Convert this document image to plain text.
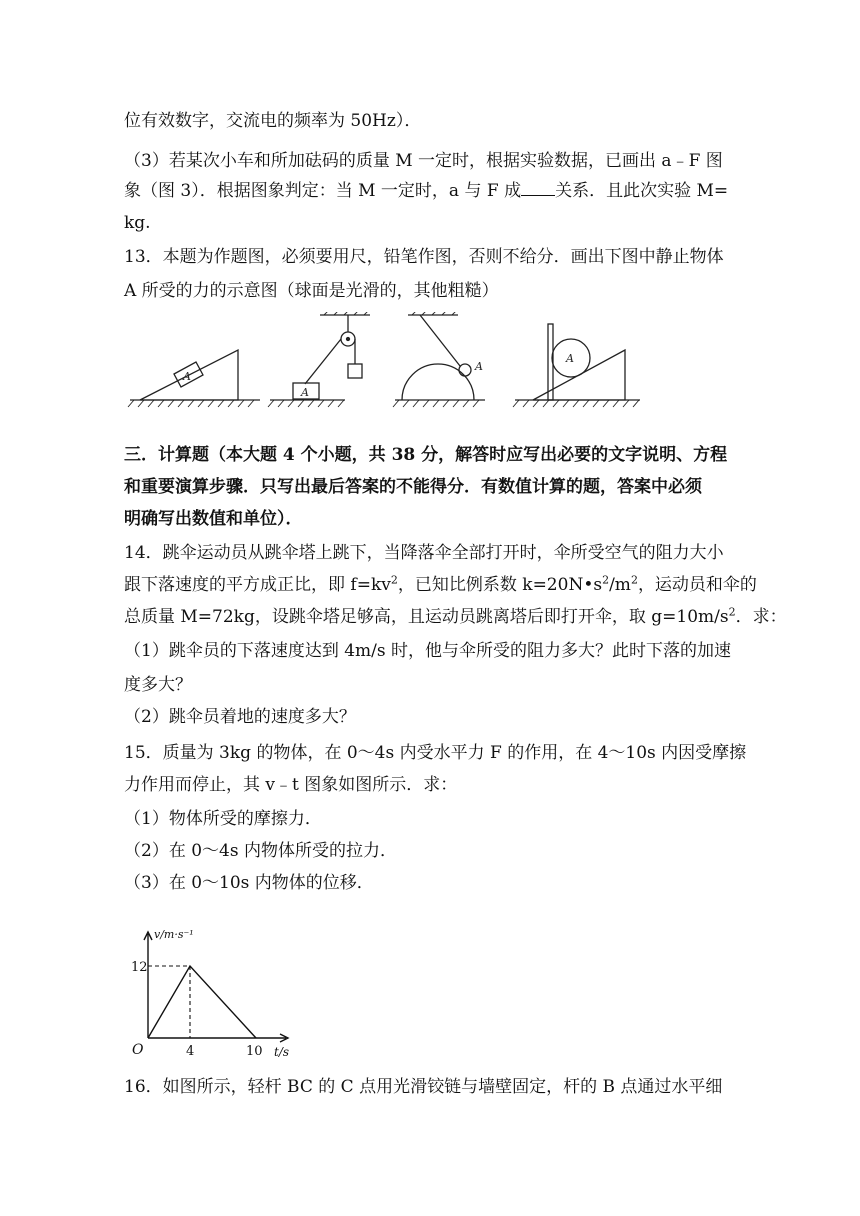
位有效数字，交流电的频率为 50Hz）．
（3）若某次小车和所加砝码的质量 M 一定时，根据实验数据，已画出 a﹣F 图
象（图 3）．根据图象判定：当 M 一定时，a 与 F 成 关系．且此次实验 M=
kg.
13．本题为作题图，必须要用尺，铅笔作图，否则不给分．画出下图中静止物体
A 所受的力的示意图（球面是光滑的，其他粗糙）
A
A
A
A
三．计算题（本大题 4 个小题，共 38 分，解答时应写出必要的文字说明、方程
和重要演算步骤．只写出最后答案的不能得分．有数值计算的题，答案中必须
明确写出数值和单位）．
14．跳伞运动员从跳伞塔上跳下，当降落伞全部打开时，伞所受空气的阻力大小
跟下落速度的平方成正比，即 $f=kv^2$，已知比例系数 $k=20N•s^2/m^2$，运动员和伞的
总质量 M=72kg，设跳伞塔足够高，且运动员跳离塔后即打开伞，取 $g=10m/s^2$．求：
（1）跳伞员的下落速度达到 4m/s 时，他与伞所受的阻力多大？此时下落的加速
度多大？
（2）跳伞员着地的速度多大？
15．质量为 3kg 的物体，在 0～4s 内受水平力 F 的作用，在 4～10s 内因受摩擦
力作用而停止，其 v﹣t 图象如图所示．求：
（1）物体所受的摩擦力．
（2）在 0～4s 内物体所受的拉力．
（3）在 0～10s 内物体的位移．
v/m·s⁻¹
t/s
12
4	10
O
16．如图所示，轻杆 BC 的 C 点用光滑铰链与墙壁固定，杆的 B 点通过水平细
